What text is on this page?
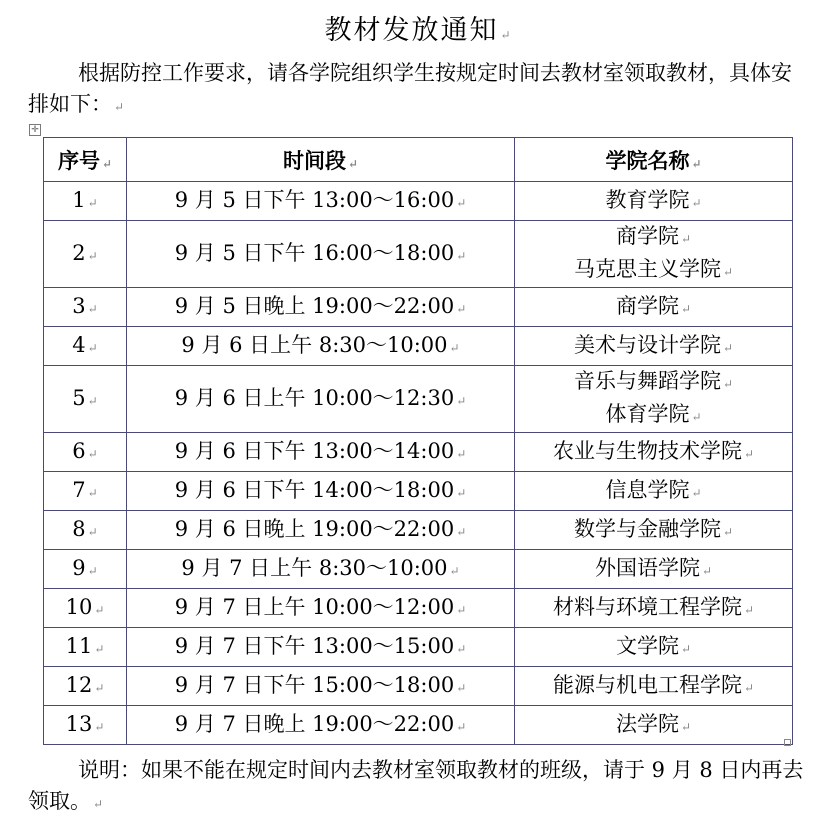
教材发放通知 ↵
根据防控工作要求，请各学院组织学生按规定时间去教材室领取教材，具体安排如下： ↵
✛
序号 ↵	时间段 ↵	学院名称 ↵
1 ↵	9 月 5 日下午 13:00～16:00 ↵	教育学院 ↵

2 ↵	9 月 5 日下午 16:00～18:00 ↵	商学院 ↵
马克思主义学院 ↵

3 ↵	9 月 5 日晚上 19:00～22:00 ↵	商学院 ↵

4 ↵	9 月 6 日上午 8:30～10:00 ↵	美术与设计学院 ↵

5 ↵	9 月 6 日上午 10:00～12:30 ↵	音乐与舞蹈学院 ↵
体育学院 ↵

6 ↵	9 月 6 日下午 13:00～14:00 ↵	农业与生物技术学院 ↵

7 ↵	9 月 6 日下午 14:00～18:00 ↵	信息学院 ↵

8 ↵	9 月 6 日晚上 19:00～22:00 ↵	数学与金融学院 ↵

9 ↵	9 月 7 日上午 8:30～10:00 ↵	外国语学院 ↵

10 ↵	9 月 7 日上午 10:00～12:00 ↵	材料与环境工程学院 ↵

11 ↵	9 月 7 日下午 13:00～15:00 ↵	文学院 ↵

12 ↵	9 月 7 日下午 15:00～18:00 ↵	能源与机电工程学院 ↵

13 ↵	9 月 7 日晚上 19:00～22:00 ↵	法学院 ↵
说明：如果不能在规定时间内去教材室领取教材的班级，请于 9 月 8 日内再去领取。 ↵
